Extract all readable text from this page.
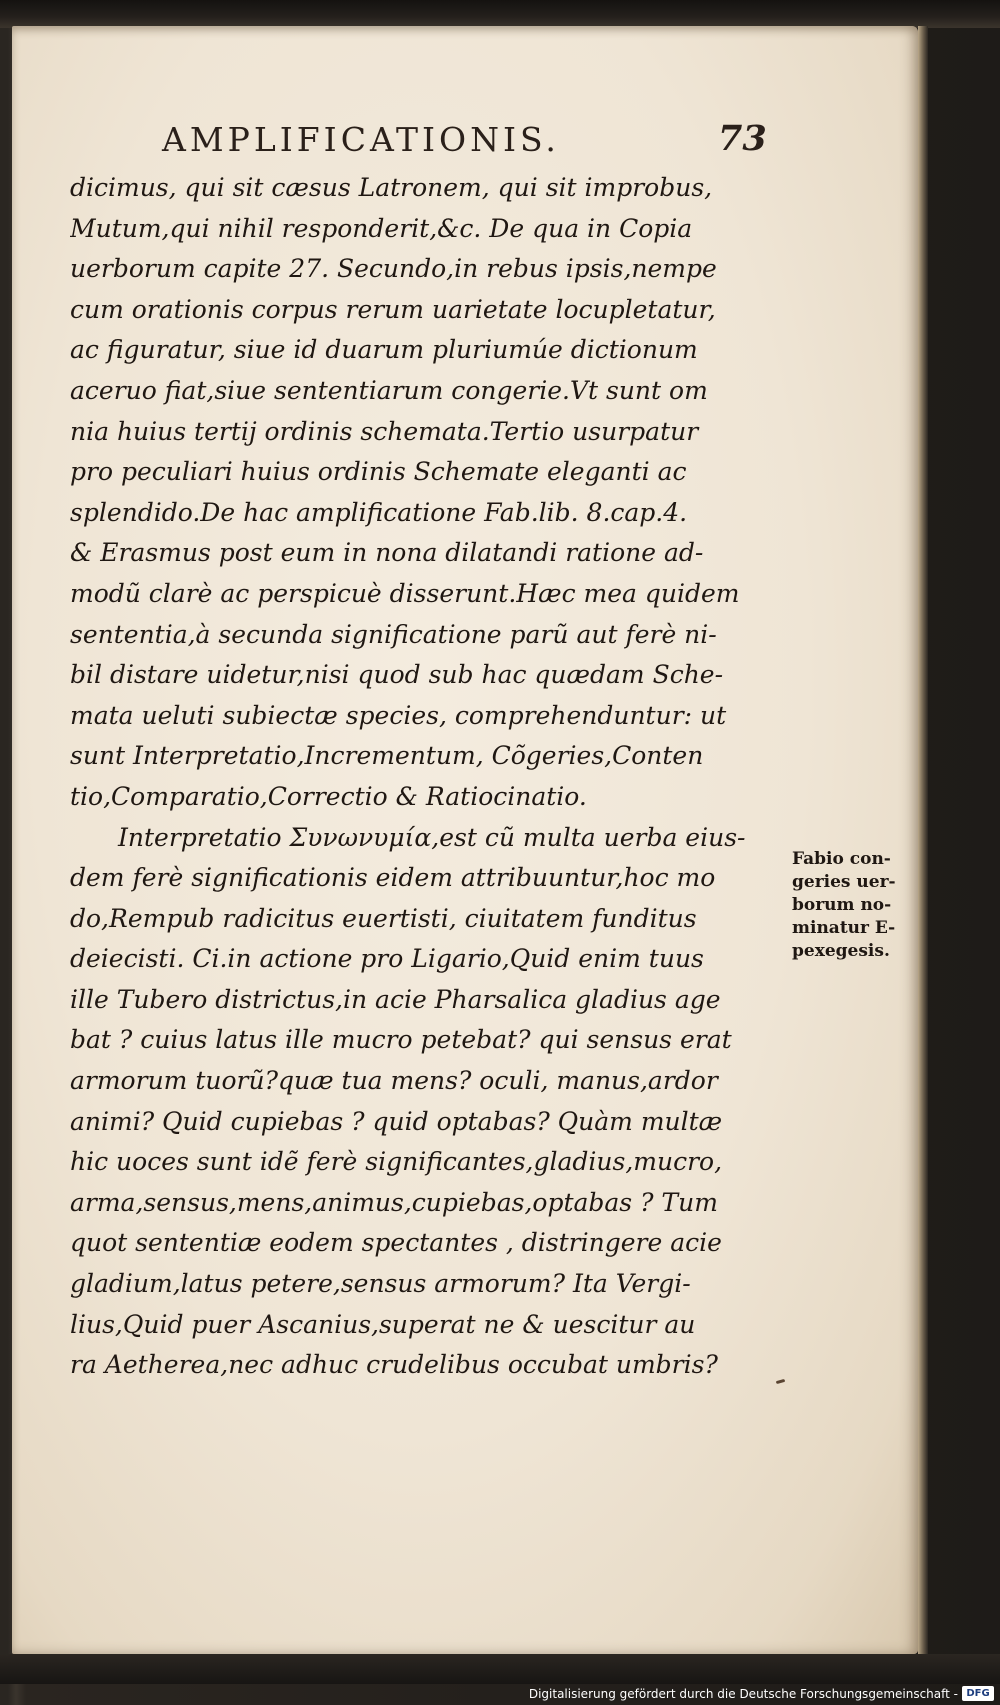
AMPLIFICATIONIS.	73
dicimus, qui sit cæsus Latronem, qui sit improbus,
Mutum,qui nihil responderit,&c. De qua in Copia
uerborum capite 27. Secundo,in rebus ipsis,nempe
cum orationis corpus rerum uarietate locupletatur,
ac figuratur, siue id duarum pluriumúe dictionum
aceruo fiat,siue sententiarum congerie.Vt sunt om
nia huius tertij ordinis schemata.Tertio usurpatur
pro peculiari huius ordinis Schemate eleganti ac
splendido.De hac amplificatione Fab.lib. 8.cap.4.
& Erasmus post eum in nona dilatandi ratione ad-
modũ clarè ac perspicuè disserunt.Hæc mea quidem
sententia,à secunda significatione parũ aut ferè ni-
bil distare uidetur,nisi quod sub hac quædam Sche-
mata ueluti subiectæ species, comprehenduntur: ut
sunt Interpretatio,Incrementum, Cõgeries,Conten
tio,Comparatio,Correctio & Ratiocinatio.
Interpretatio Συνωνυμία,est cũ multa uerba eius-
dem ferè significationis eidem attribuuntur,hoc mo
do,Rempub radicitus euertisti, ciuitatem funditus
deiecisti. Ci.in actione pro Ligario,Quid enim tuus
ille Tubero districtus,in acie Pharsalica gladius age
bat ? cuius latus ille mucro petebat? qui sensus erat
armorum tuorũ?quæ tua mens? oculi, manus,ardor
animi? Quid cupiebas ? quid optabas? Quàm multæ
hic uoces sunt idẽ ferè significantes,gladius,mucro,
arma,sensus,mens,animus,cupiebas,optabas ? Tum
quot sententiæ eodem spectantes , distringere acie
gladium,latus petere,sensus armorum? Ita Vergi-
lius,Quid puer Ascanius,superat ne & uescitur au
ra Aetherea,nec adhuc crudelibus occubat umbris?
Fabio con-
geries uer-
borum no-
minatur E-
pexegesis.
Digitalisierung gefördert durch die Deutsche Forschungsgemeinschaft - DFG
